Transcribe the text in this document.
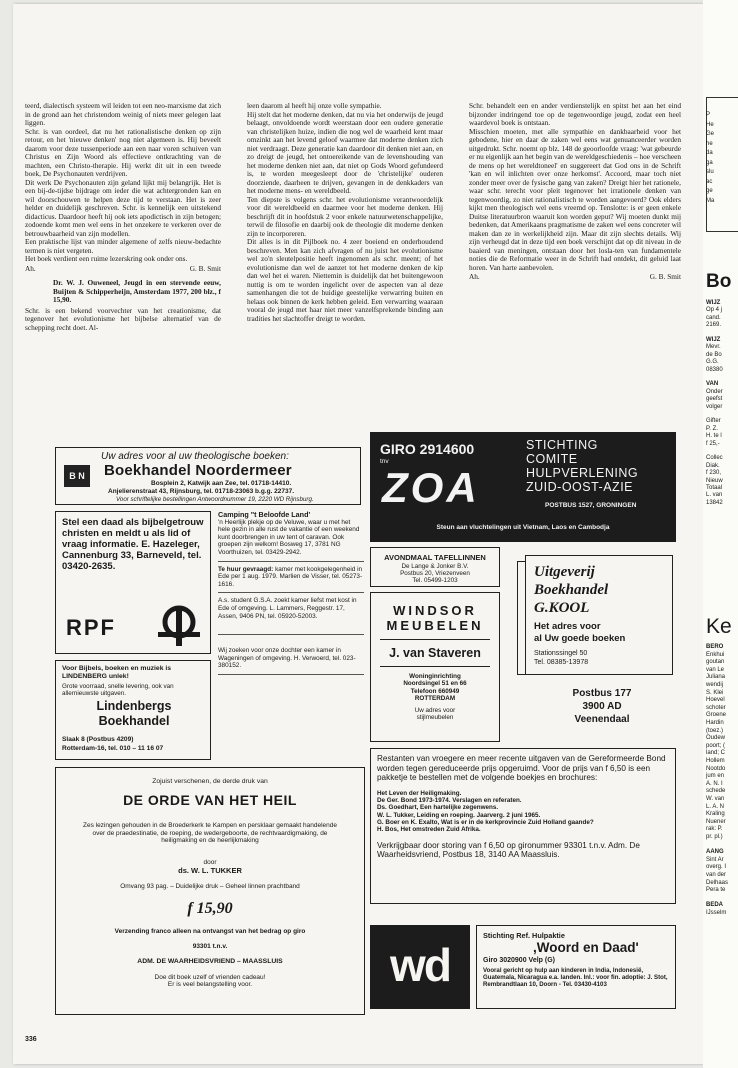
teerd, dialectisch systeem wil leiden tot een neo-marxisme dat zich in de grond aan het christendom weinig of niets meer gelegen laat liggen.

Schr. is van oordeel, dat nu het rationalistische denken op zijn retour, en het 'nieuwe denken' nog niet algemeen is. Hij beveelt daarom voor deze tussenperiode aan een naar voren schuiven van Christus en Zijn Woord als effectieve ontkrachting van de machten, een Christo-therapie. Hij werkt dit uit in een tweede boek, De Psychonauten verdrijven.

Dit werk De Psychonauten zijn geland lijkt mij belangrijk. Het is een bij-de-tijdse bijdrage om ieder die wat achtergronden kan en wil doorschouwen te helpen deze tijd te verstaan. Het is zeer helder en duidelijk geschreven. Schr. is kennelijk een uitstekend didacticus. Daardoor heeft hij ook iets apodictisch in zijn betogen; zodoende komt men wel eens in het onzekere te verkeren over de betrouwbaarheid van zijn modellen.

Een praktische lijst van minder algemene of zelfs nieuw-bedachte termen is niet vergeten.

Het boek verdient een ruime lezerskring ook onder ons.

Ah.	G. B. Smit

Dr. W. J. Ouweneel, Jeugd in een stervende eeuw, Buijten & Schipperheijn, Amsterdam 1977, 200 blz., f 15,90.

Schr. is een bekend voorvechter van het creationisme, dat tegenover het evolutionisme het bijbelse alternatief van de schepping recht doet. Al-

leen daarom al heeft hij onze volle sympathie.

Hij stelt dat het moderne denken, dat nu via het onderwijs de jeugd belaagt, onvoldoende wordt weerstaan door een oudere generatie van christelijken huize, indien die nog wel de waarheid kent maar omzinkt aan het levend geloof waarmee dat moderne denken zich niet verdraagt. Deze generatie kan daardoor dit denken niet aan, en zo dreigt de jeugd, het ontoereikende van de levenshouding van het moderne denken niet aan, dat niet op Gods Woord gefundeerd is, te worden meegesleept door de 'christelijke' ouderen doorziende, daarheen te drijven, gevangen in de denkkaders van het moderne mens- en wereldbeeld.

Ten diepste is volgens schr. het evolutionisme verantwoordelijk voor dit wereldbeeld en daarmee voor het moderne denken. Hij beschrijft dit in hoofdstuk 2 voor enkele natuurwetenschappelijke, terwil de filosofie en daarbij ook de theologie dit moderne denken zijn te incorporeren.

Dit alles is in dit Pijlboek no. 4 zeer boeiend en onderhoudend beschreven. Men kan zich afvragen of nu juist het evolutionisme wel zo'n sleutelpositie heeft ingenomen als schr. meent; of het evolutionisme dan wel de aanzet tot het moderne denken de kip dan wel het ei waren. Niettemin is duidelijk dat het buitengewoon nuttig is om te worden ingelicht over de aspecten van al deze samenhangen die tot de huidige geestelijke verwarring buiten en helaas ook binnen de kerk hebben geleid. Een verwarring waaraan vooral de jeugd met haar niet meer vanzelfsprekende binding aan tradities het slachtoffer dreigt te worden.

Schr. behandelt een en ander verdienstelijk en spitst het aan het eind bijzonder indringend toe op de tegenwoordige jeugd, zodat een heel waardevol boek is ontstaan.

Misschien moeten, met alle sympathie en dankbaarheid voor het gebodene, hier en daar de zaken wel eens wat genuanceerder worden uitgedrukt. Schr. noemt op blz. 148 de geoorloofde vraag: 'wat gebeurde er nu eigenlijk aan het begin van de wereldgeschiedenis – hoe verscheen de mens op het wereldtoneel' en suggereert dat God ons in de Schrift 'kan en wil inlichten over onze herkomst'. Accoord, maar toch niet zonder meer over de fysische gang van zaken? Dreigt hier het rationele, waar schr. terecht voor pleit tegenover het irrationele denken van tegenwoordig, zo niet rationalistisch te worden aangevoerd? Ook elders kijkt men theologisch wel eens vreemd op. Tenslotte: is er geen enkele Duitse literatuurbron waaruit kon worden geput? Wij moeten dunkt mij bedenken, dat Amerikaans pragmatisme de zaken wel eens concreter wil maken dan ze in werkelijkheid zijn. Maar dit zijn slechts details. Wij zijn verheugd dat in deze tijd een boek verschijnt dat op dit niveau in de baaierd van meningen, ontstaan door het losla-ten van fundamentele noties die de Reformatie weer in de Schrift had ontdekt, dit geluid laat horen. Van harte aanbevolen.

Ah.	G. B. Smit
Uw adres voor al uw theologische boeken:
B N	Boekhandel Noordermeer
Bosplein 2, Katwijk aan Zee, tel. 01718-14410.
Anjelierenstraat 43, Rijnsburg, tel. 01718-23063 b.g.g. 22737.
Voor schriftelijke bestellingen Antwoordnummer 19, 2220 WD Rijnsburg.
Stel een daad als bijbelgetrouw christen en meldt u als lid of vraag informatie. E. Hazeleger, Cannenburg 33, Barneveld, tel. 03420-2635.
RPF
Camping "t Beloofde Land'
'n Heerlijk plekje op de Veluwe, waar u met het hele gezin in alle rust de vakantie of een weekend kunt doorbrengen in uw tent of caravan. Ook groepen zijn welkom! Bosweg 17, 3781 NG Voorthuizen, tel. 03429-2942.
Te huur gevraagd: kamer met kookgelegenheid in Ede per 1 aug. 1979. Marlien de Visser, tel. 05273-1616.
A.s. student G.S.A. zoekt kamer liefst met kost in Ede of omgeving. L. Lammers, Reggestr. 17, Assen, 9406 PN, tel. 05920-52003.
Wij zoeken voor onze dochter een kamer in Wageningen of omgeving. H. Verwoerd, tel. 023-380152.
Voor Bijbels, boeken en muziek is LINDENBERG unlek!
Grote voorraad, snelle levering, ook van allernieuwste uitgaven.
Lindenbergs
Boekhandel
Slaak 8 (Postbus 4209)
Rotterdam-16, tel. 010 – 11 16 07
GIRO 2914600
tnv
ZOA
STICHTING
COMITE
HULPVERLENING
ZUID-OOST-AZIE
POSTBUS 1527, GRONINGEN
Steun aan vluchtelingen uit Vietnam, Laos en Cambodja
AVONDMAAL TAFELLINNEN
De Lange & Jonker B.V.
Postbus 20, Vriezenveen
Tel. 05499-1203
WINDSOR
MEUBELEN
J. van Staveren
Woninginrichting
Noordsingel 51 en 66
Telefoon 660949
ROTTERDAM
Uw adres voor
stijlmeubelen
Uitgeverij
Boekhandel
G.KOOL
Het adres voor
al Uw goede boeken
Stationssingel 50
Tel. 08385-13978
Postbus 177
3900 AD
Veenendaal
Zojuist verschenen, de derde druk van
DE ORDE VAN HET HEIL
Zes lezingen gehouden in de Broederkerk te Kampen en persklaar gemaakt handelende over de praedestinatie, de roeping, de wedergeboorte, de rechtvaardigmaking, de heiligmaking en de heerlijkmaking
door
ds. W. L. TUKKER
Omvang 93 pag. – Duidelijke druk – Geheel linnen prachtband
f 15,90
Verzending franco alleen na ontvangst van het bedrag op giro
93301 t.n.v.
ADM. DE WAARHEIDSVRIEND – MAASSLUIS
Doe dit boek uzelf of vrienden cadeau!
Er is veel belangstelling voor.
Restanten van vroegere en meer recente uitgaven van de Gereformeerde Bond worden tegen gereduceerde prijs opgeruimd. Voor de prijs van f 6,50 is een pakketje te bestellen met de volgende boekjes en brochures:
Het Leven der Heiligmaking.
De Ger. Bond 1973-1974. Verslagen en referaten.
Ds. Goedhart, Een hartelijke zegenwens.
W. L. Tukker, Leiding en roeping. Jaarverg. 2 juni 1965.
G. Boer en K. Exalto, Wat is er in de kerkprovincie Zuid Holland gaande?
H. Bos, Het omstreden Zuid Afrika.
Verkrijgbaar door storing van f 6,50 op gironummer 93301 t.n.v. Adm. De Waarheidsvriend, Postbus 18, 3140 AA Maassluis.
wd
Stichting Ref. Hulpaktie
,Woord en Daad'
Giro 3020900 Velp (G)
Vooral gericht op hulp aan kinderen in India, Indonesië, Guatemala, Nicaragua e.a. landen. Inl.: voor fin. adoptie: J. Stot, Rembrandtlaan 10, Doorn - Tel. 03430-4103
336
P
He
Ge
he
da
ga
slu
ac
ge
Ma
Bo
WIJZ
Op 4 j
cand.
2169.
WIJZ
Mevr.
de Bo
G.G.
08380
VAN
Onder
geefst
volger
Gifter
P. Z.
H. te l
f 25,-
Collec
Diak.
f 230,
Nieuw
Totaal
L. van
13842
Ke
BERO
Enkhui
goutan
van Le
Juliana
wendij
S. Klei
Hoevel
schoter
Groene
Hardin
(toez.)
Oudew
poort; (
land; C
Hollem
Nootdo
jum en
A. N. I
schede
W. van
L. A. N
Kraling
Nuener
rak: P.
pr. pl.)
AANG
Sint Ar
overg. I
van der
Delhaas
Pera te
BEDA
IJsselm
